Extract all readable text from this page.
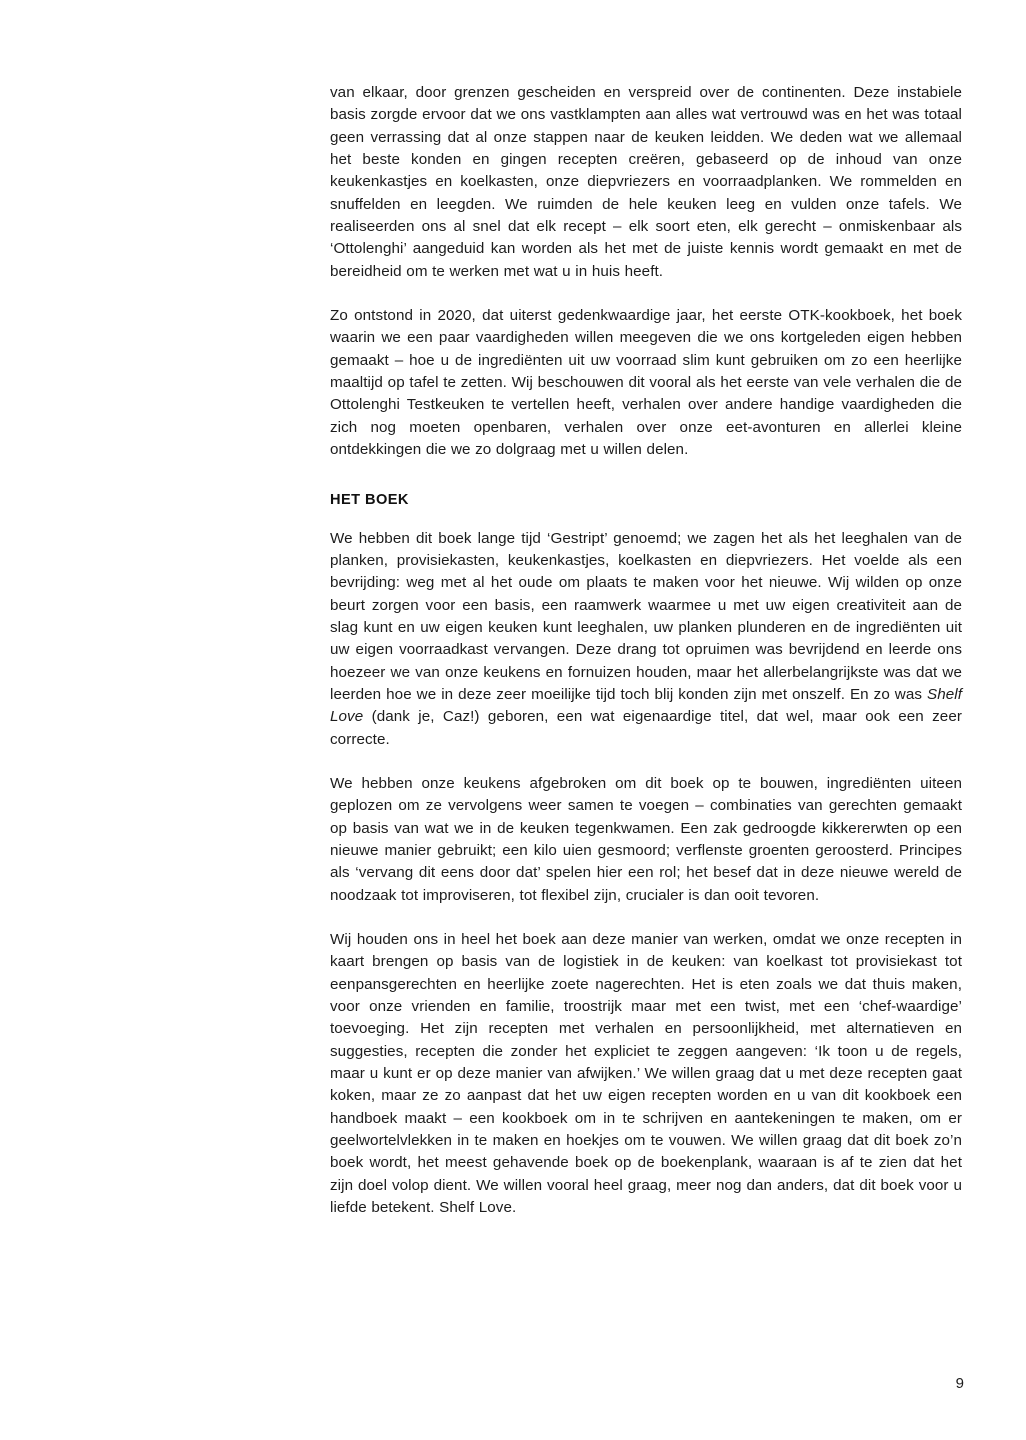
van elkaar, door grenzen gescheiden en verspreid over de continenten. Deze instabiele basis zorgde ervoor dat we ons vastklampten aan alles wat vertrouwd was en het was totaal geen verrassing dat al onze stappen naar de keuken leidden. We deden wat we allemaal het beste konden en gingen recepten creëren, gebaseerd op de inhoud van onze keukenkastjes en koelkasten, onze diepvriezers en voorraadplanken. We rommelden en snuffelden en leegden. We ruimden de hele keuken leeg en vulden onze tafels. We realiseerden ons al snel dat elk recept – elk soort eten, elk gerecht – onmiskenbaar als ‘Ottolenghi’ aangeduid kan worden als het met de juiste kennis wordt gemaakt en met de bereidheid om te werken met wat u in huis heeft.

Zo ontstond in 2020, dat uiterst gedenkwaardige jaar, het eerste OTK-kookboek, het boek waarin we een paar vaardigheden willen meegeven die we ons kortgeleden eigen hebben gemaakt – hoe u de ingrediënten uit uw voorraad slim kunt gebruiken om zo een heerlijke maaltijd op tafel te zetten. Wij beschouwen dit vooral als het eerste van vele verhalen die de Ottolenghi Testkeuken te vertellen heeft, verhalen over andere handige vaardigheden die zich nog moeten openbaren, verhalen over onze eet-avonturen en allerlei kleine ontdekkingen die we zo dolgraag met u willen delen.

HET BOEK

We hebben dit boek lange tijd ‘Gestript’ genoemd; we zagen het als het leeghalen van de planken, provisiekasten, keukenkastjes, koelkasten en diepvriezers. Het voelde als een bevrijding: weg met al het oude om plaats te maken voor het nieuwe. Wij wilden op onze beurt zorgen voor een basis, een raamwerk waarmee u met uw eigen creativiteit aan de slag kunt en uw eigen keuken kunt leeghalen, uw planken plunderen en de ingrediënten uit uw eigen voorraadkast vervangen. Deze drang tot opruimen was bevrijdend en leerde ons hoezeer we van onze keukens en fornuizen houden, maar het allerbelangrijkste was dat we leerden hoe we in deze zeer moeilijke tijd toch blij konden zijn met onszelf. En zo was Shelf Love (dank je, Caz!) geboren, een wat eigenaardige titel, dat wel, maar ook een zeer correcte.

We hebben onze keukens afgebroken om dit boek op te bouwen, ingrediënten uiteen geplozen om ze vervolgens weer samen te voegen – combinaties van gerechten gemaakt op basis van wat we in de keuken tegenkwamen. Een zak gedroogde kikkererwten op een nieuwe manier gebruikt; een kilo uien gesmoord; verflenste groenten geroosterd. Principes als ‘vervang dit eens door dat’ spelen hier een rol; het besef dat in deze nieuwe wereld de noodzaak tot improviseren, tot flexibel zijn, crucialer is dan ooit tevoren.

Wij houden ons in heel het boek aan deze manier van werken, omdat we onze recepten in kaart brengen op basis van de logistiek in de keuken: van koelkast tot provisiekast tot eenpansgerechten en heerlijke zoete nagerechten. Het is eten zoals we dat thuis maken, voor onze vrienden en familie, troostrijk maar met een twist, met een ‘chef-waardige’ toevoeging. Het zijn recepten met verhalen en persoonlijkheid, met alternatieven en suggesties, recepten die zonder het expliciet te zeggen aangeven: ‘Ik toon u de regels, maar u kunt er op deze manier van afwijken.’ We willen graag dat u met deze recepten gaat koken, maar ze zo aanpast dat het uw eigen recepten worden en u van dit kookboek een handboek maakt – een kookboek om in te schrijven en aantekeningen te maken, om er geelwortelvlekken in te maken en hoekjes om te vouwen. We willen graag dat dit boek zo’n boek wordt, het meest gehavende boek op de boekenplank, waaraan is af te zien dat het zijn doel volop dient. We willen vooral heel graag, meer nog dan anders, dat dit boek voor u liefde betekent. Shelf Love.

9
